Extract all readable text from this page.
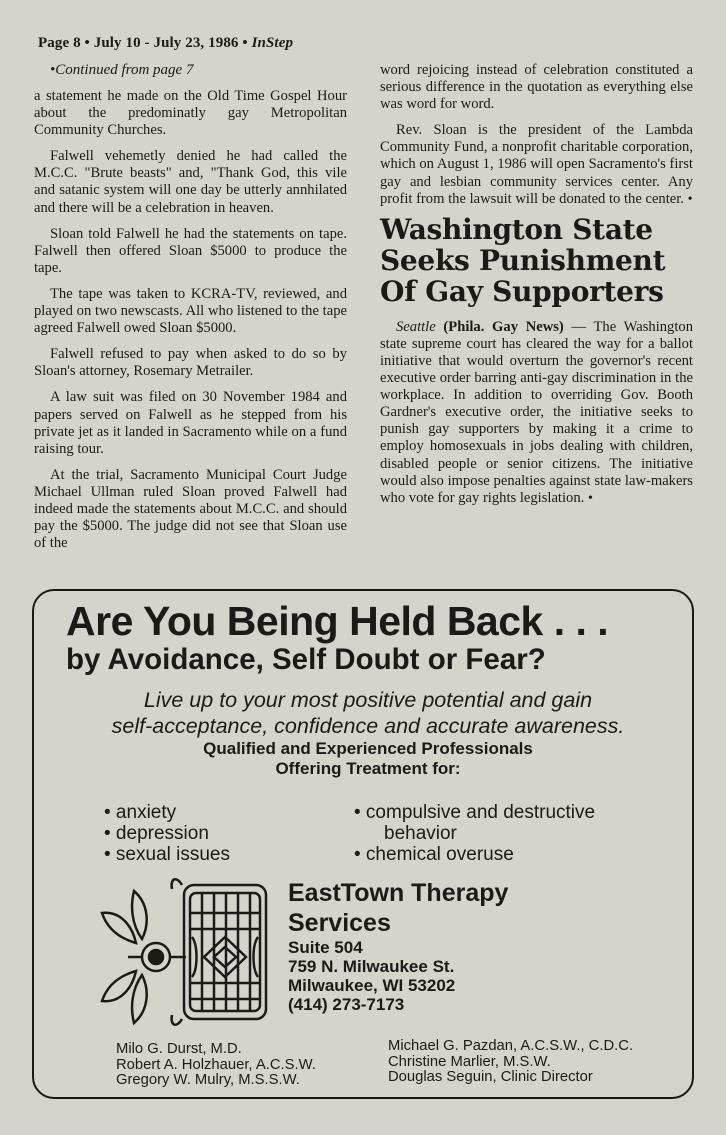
Page 8 • July 10 - July 23, 1986 • InStep

•Continued from page 7

a statement he made on the Old Time Gospel Hour about the predominatly gay Metropolitan Community Churches.

Falwell vehemetly denied he had called the M.C.C. "Brute beasts" and, "Thank God, this vile and satanic system will one day be utterly annhilated and there will be a celebration in heaven.

Sloan told Falwell he had the statements on tape. Falwell then offered Sloan $5000 to produce the tape.

The tape was taken to KCRA-TV, reviewed, and played on two newscasts. All who listened to the tape agreed Falwell owed Sloan $5000.

Falwell refused to pay when asked to do so by Sloan's attorney, Rosemary Metrailer.

A law suit was filed on 30 November 1984 and papers served on Falwell as he stepped from his private jet as it landed in Sacramento while on a fund raising tour.

At the trial, Sacramento Municipal Court Judge Michael Ullman ruled Sloan proved Falwell had indeed made the statements about M.C.C. and should pay the $5000. The judge did not see that Sloan use of the

word rejoicing instead of celebration constituted a serious difference in the quotation as everything else was word for word.

Rev. Sloan is the president of the Lambda Community Fund, a nonprofit charitable corporation, which on August 1, 1986 will open Sacramento's first gay and lesbian community services center. Any profit from the lawsuit will be donated to the center. •

Washington State
Seeks Punishment
Of Gay Supporters

Seattle (Phila. Gay News) — The Washington state supreme court has cleared the way for a ballot initiative that would overturn the governor's recent executive order barring anti-gay discrimination in the workplace. In addition to overriding Gov. Booth Gardner's executive order, the initiative seeks to punish gay supporters by making it a crime to employ homosexuals in jobs dealing with children, disabled people or senior citizens. The initiative would also impose penalties against state law-makers who vote for gay rights legislation. •

Are You Being Held Back . . .
by Avoidance, Self Doubt or Fear?
Live up to your most positive potential and gain
self-acceptance, confidence and accurate awareness.
Qualified and Experienced Professionals
Offering Treatment for:
• anxiety
• depression
• sexual issues
• compulsive and destructive
behavior
• chemical overuse
EastTown Therapy
Services
Suite 504
759 N. Milwaukee St.
Milwaukee, WI 53202
(414) 273-7173
Milo G. Durst, M.D.
Robert A. Holzhauer, A.C.S.W.
Gregory W. Mulry, M.S.S.W.
Michael G. Pazdan, A.C.S.W., C.D.C.
Christine Marlier, M.S.W.
Douglas Seguin, Clinic Director
